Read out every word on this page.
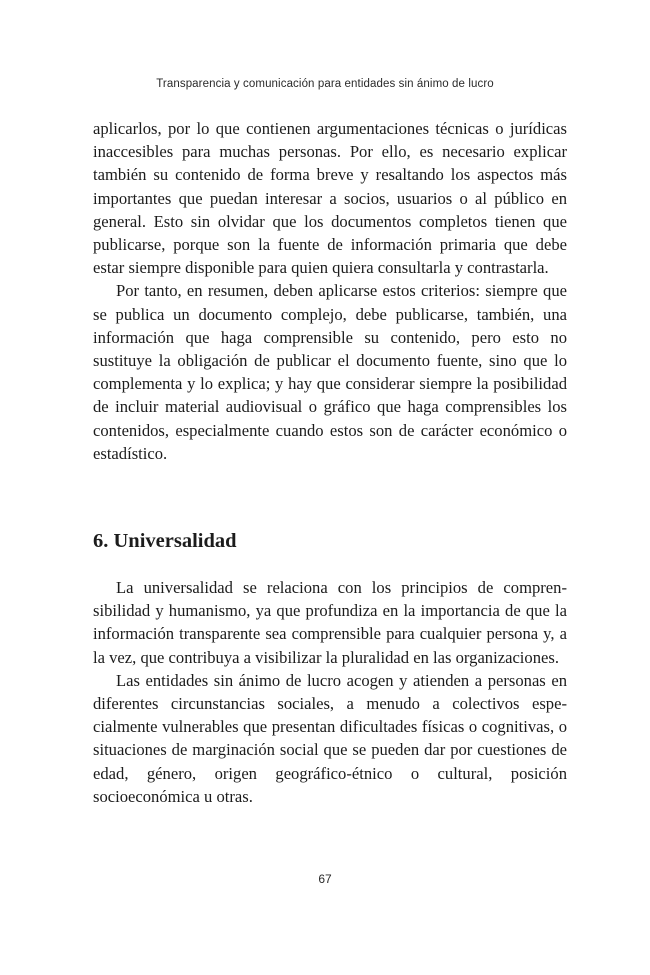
Transparencia y comunicación para entidades sin ánimo de lucro

aplicarlos, por lo que contienen argumentaciones técnicas o jurídicas inaccesibles para muchas personas. Por ello, es necesario explicar también su contenido de forma breve y resaltando los aspectos más importantes que puedan interesar a socios, usuarios o al público en general. Esto sin olvidar que los documentos completos tienen que publicarse, porque son la fuente de información primaria que debe estar siempre disponible para quien quiera consultarla y contrastarla.

Por tanto, en resumen, deben aplicarse estos criterios: siempre que se publica un documento complejo, debe publicarse, también, una información que haga comprensible su contenido, pero esto no sustituye la obligación de publicar el documento fuente, sino que lo complementa y lo explica; y hay que considerar siempre la posibilidad de incluir material audiovisual o gráfico que haga comprensibles los contenidos, especialmente cuando estos son de carácter económico o estadístico.

6. Universalidad

La universalidad se relaciona con los principios de comprensibilidad y humanismo, ya que profundiza en la importancia de que la información transparente sea comprensible para cualquier persona y, a la vez, que contribuya a visibilizar la pluralidad en las organizaciones.

Las entidades sin ánimo de lucro acogen y atienden a personas en diferentes circunstancias sociales, a menudo a colectivos especialmente vulnerables que presentan dificultades físicas o cognitivas, o situaciones de marginación social que se pueden dar por cuestiones de edad, género, origen geográfico-étnico o cultural, posición socioeconómica u otras.

67
